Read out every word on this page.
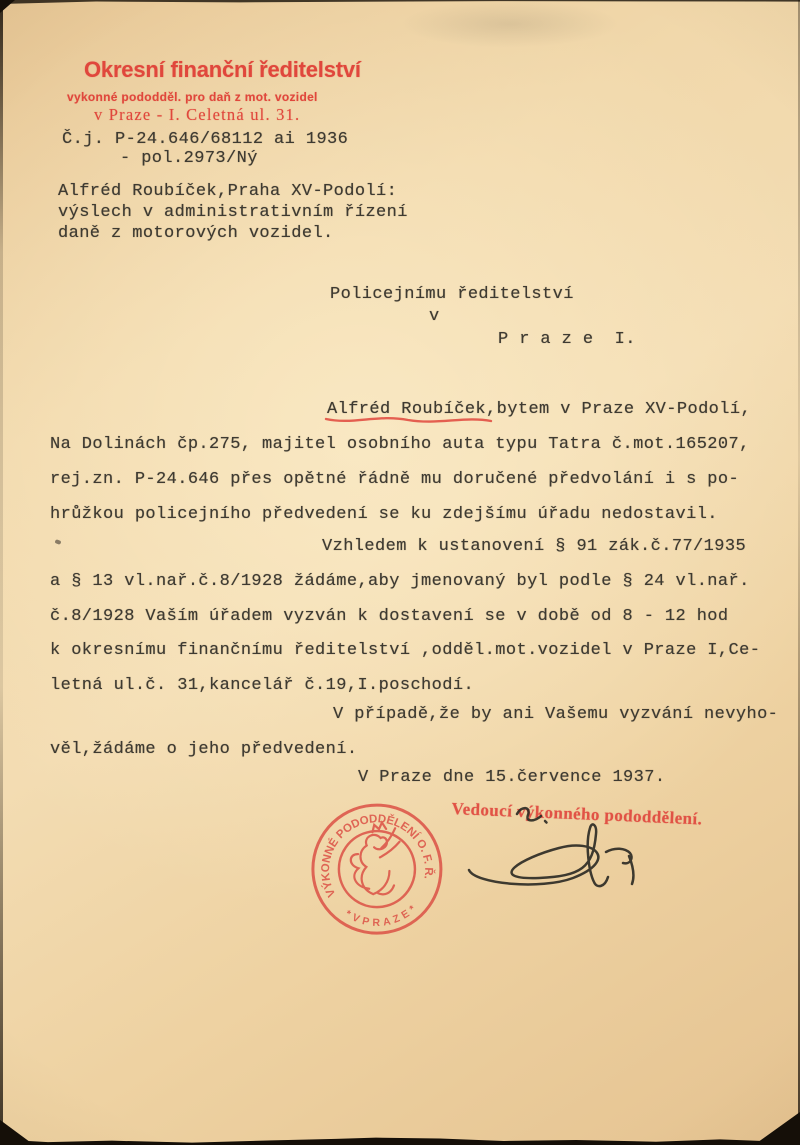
Okresní finanční ředitelství
vykonné pododděl. pro daň z mot. vozidel
v Praze - I. Celetná ul. 31.
Č.j. P-24.646/68112 ai 1936
- pol.2973/Ný
Alfréd Roubíček,Praha XV-Podolí:
výslech v administrativním řízení
daně z motorových vozidel.
Policejnímu ředitelství
v
P r a z e  I.
Alfréd Roubíček,bytem v Praze XV-Podolí,
Na Dolinách čp.275, majitel osobního auta typu Tatra č.mot.165207,
rej.zn. P-24.646 přes opětné řádně mu doručené předvolání i s po-
hrůžkou policejního předvedení se ku zdejšímu úřadu nedostavil.
Vzhledem k ustanovení § 91 zák.č.77/1935
a § 13 vl.nař.č.8/1928 žádáme,aby jmenovaný byl podle § 24 vl.nař.
č.8/1928 Vaším úřadem vyzván k dostavení se v době od 8 - 12 hod
k okresnímu finančnímu ředitelství ,odděl.mot.vozidel v Praze I,Ce-
letná ul.č. 31,kancelář č.19,I.poschodí.
V případě,že by ani Vašemu vyzvání nevyho-
věl,žádáme o jeho předvedení.
V Praze dne 15.července 1937.
VÝKONNÉ PODODDĚLENÍ O. F. Ř.
* V P R A Z E *
Vedoucí výkonného pododdělení.
